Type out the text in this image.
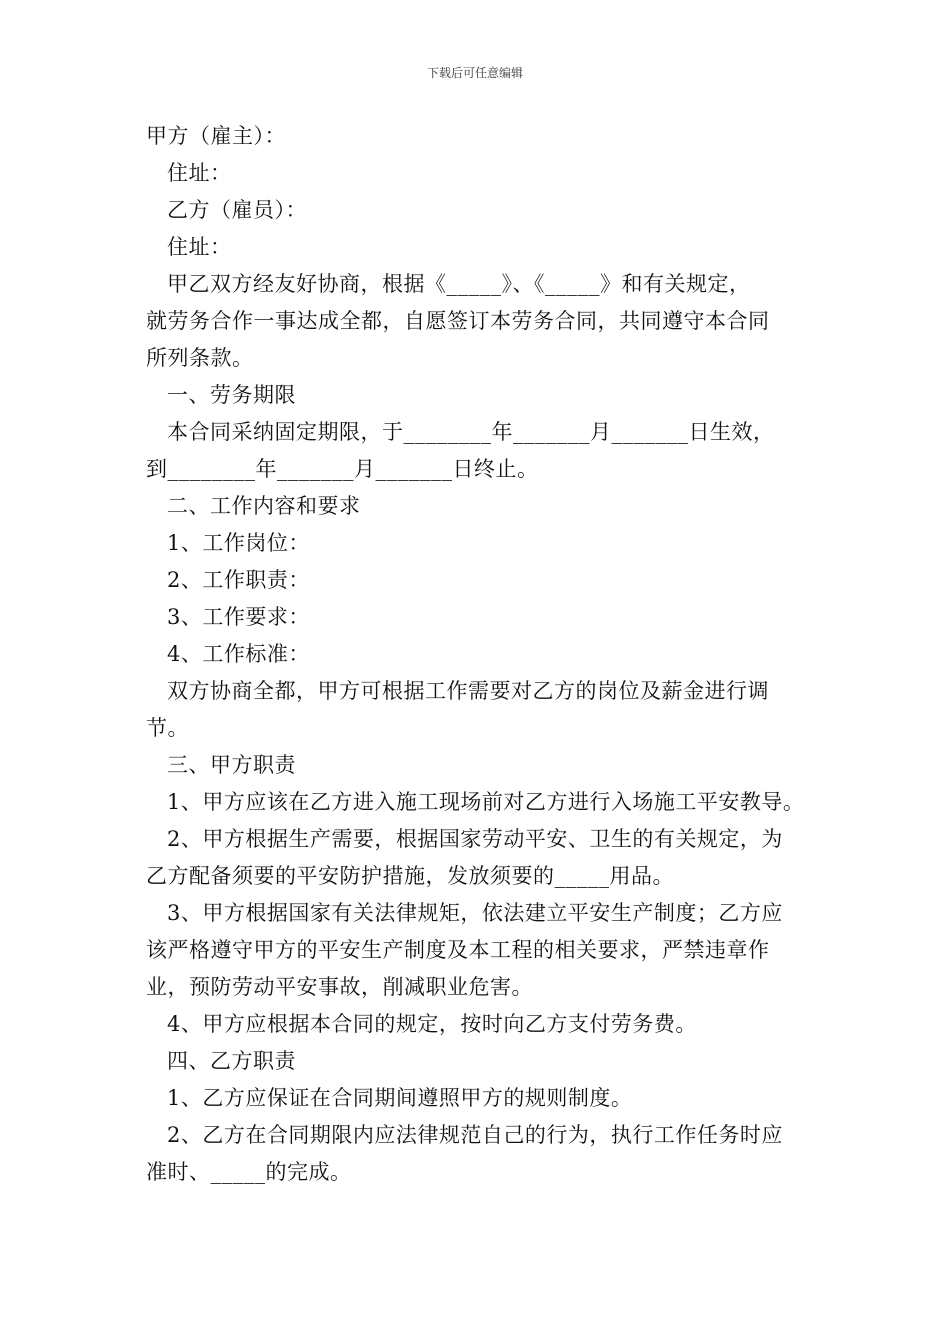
下载后可任意编辑
甲方（雇主）：
住址：
乙方（雇员）：
住址：
甲乙双方经友好协商，根据《_____》、《_____》和有关规定，
就劳务合作一事达成全都，自愿签订本劳务合同，共同遵守本合同
所列条款。
一、劳务期限
本合同采纳固定期限，于________年_______月_______日生效，
到________年_______月_______日终止。
二、工作内容和要求
1、工作岗位：
2、工作职责：
3、工作要求：
4、工作标准：
双方协商全都，甲方可根据工作需要对乙方的岗位及薪金进行调
节。
三、甲方职责
1、甲方应该在乙方进入施工现场前对乙方进行入场施工平安教导。
2、甲方根据生产需要，根据国家劳动平安、卫生的有关规定，为
乙方配备须要的平安防护措施，发放须要的_____用品。
3、甲方根据国家有关法律规矩，依法建立平安生产制度；乙方应
该严格遵守甲方的平安生产制度及本工程的相关要求，严禁违章作
业，预防劳动平安事故，削减职业危害。
4、甲方应根据本合同的规定，按时向乙方支付劳务费。
四、乙方职责
1、乙方应保证在合同期间遵照甲方的规则制度。
2、乙方在合同期限内应法律规范自己的行为，执行工作任务时应
准时、_____的完成。
